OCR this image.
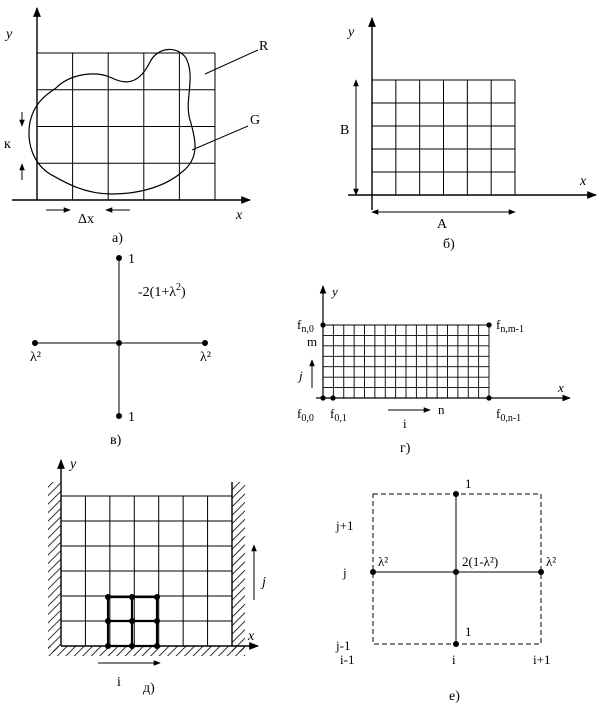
y
x
R
G
к
Δx
а)
y
x
B
A
б)
1
1
λ²	λ²
$-2(1+\lambda^2)$
в)
y
x
$f_{n,0}$	$f_{n,m-1}$
$f_{0,0}$ $f_{0,1}$	$f_{0,n-1}$
m
j
i
n
г)
y
x
j
i д)
1
1
λ²	λ²
2(1-λ²)
j+1
j
j-1
i-1	i	i+1
е)
